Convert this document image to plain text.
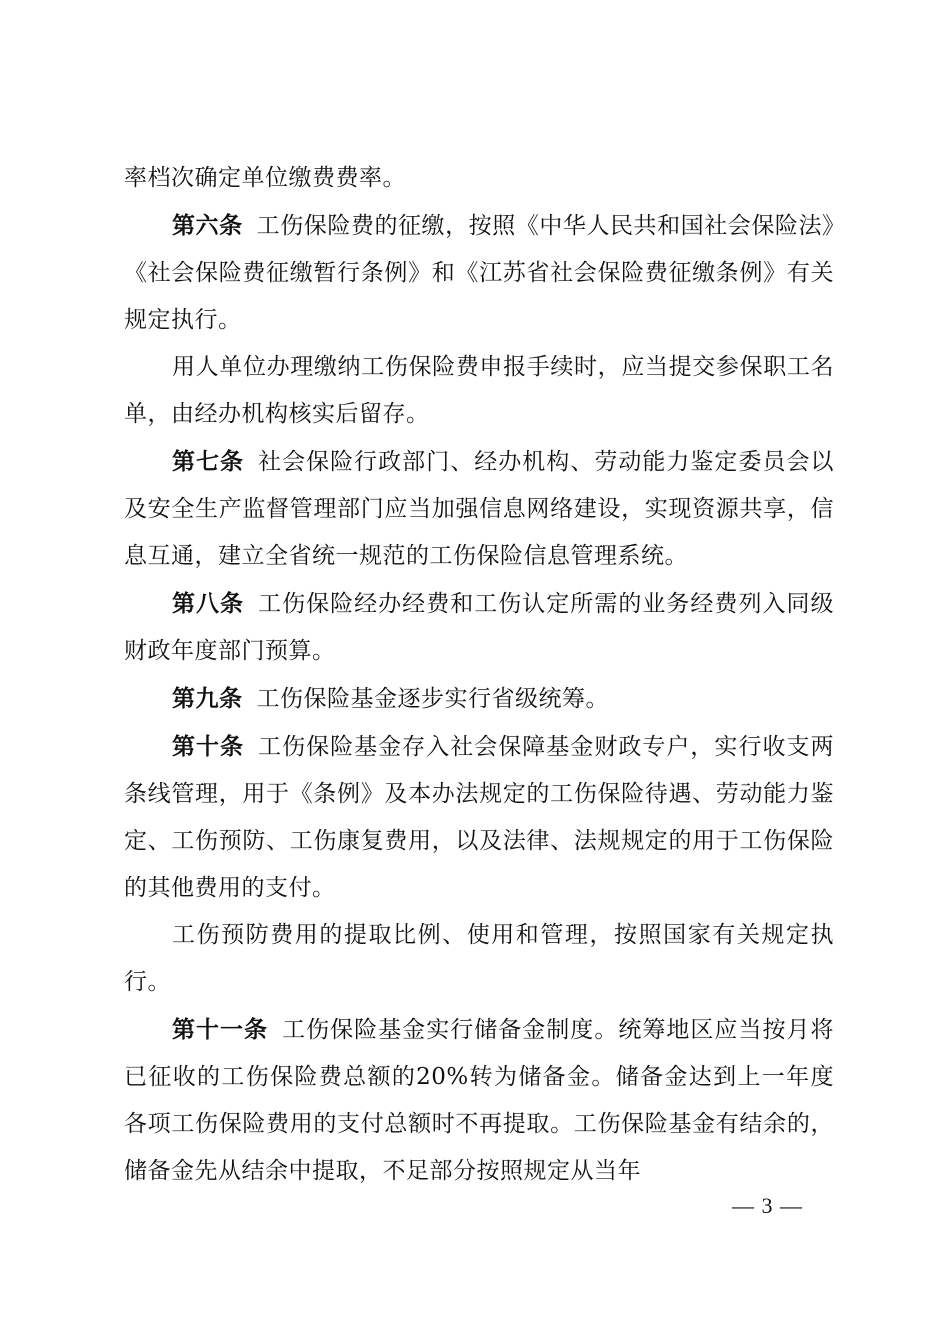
率档次确定单位缴费费率。

第六条 工伤保险费的征缴，按照《中华人民共和国社会保险法》《社会保险费征缴暂行条例》和《江苏省社会保险费征缴条例》有关规定执行。

用人单位办理缴纳工伤保险费申报手续时，应当提交参保职工名单，由经办机构核实后留存。

第七条 社会保险行政部门、经办机构、劳动能力鉴定委员会以及安全生产监督管理部门应当加强信息网络建设，实现资源共享，信息互通，建立全省统一规范的工伤保险信息管理系统。

第八条 工伤保险经办经费和工伤认定所需的业务经费列入同级财政年度部门预算。

第九条 工伤保险基金逐步实行省级统筹。

第十条 工伤保险基金存入社会保障基金财政专户，实行收支两条线管理，用于《条例》及本办法规定的工伤保险待遇、劳动能力鉴定、工伤预防、工伤康复费用，以及法律、法规规定的用于工伤保险的其他费用的支付。

工伤预防费用的提取比例、使用和管理，按照国家有关规定执行。

第十一条 工伤保险基金实行储备金制度。统筹地区应当按月将已征收的工伤保险费总额的20%转为储备金。储备金达到上一年度各项工伤保险费用的支付总额时不再提取。工伤保险基金有结余的，储备金先从结余中提取，不足部分按照规定从当年

— 3 —
